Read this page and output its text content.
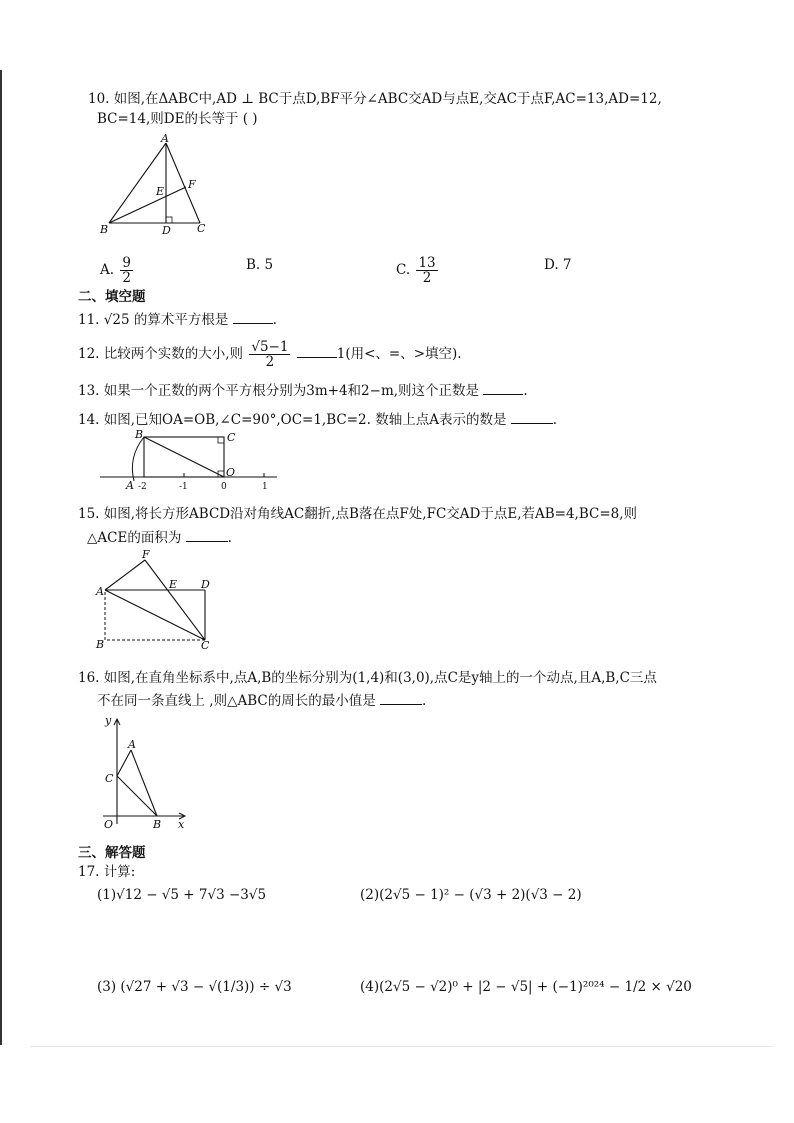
10. 如图,在ΔABC中,AD ⊥ BC于点D,BF平分∠ABC交AD与点E,交AC于点F,AC=13,AD=12,
BC=14,则DE的长等于 ( )
A
B	C
D
E
F
A. $\frac{9}{2}$	B. 5	C. $\frac{13}{2}$	D. 7
二、填空题
11. √25 的算术平方根是	.
12. 比较两个实数的大小,则 $\frac{√5-1}{2}$	1(用<、=、>填空).
13. 如果一个正数的两个平方根分别为3m+4和2−m,则这个正数是	.
14. 如图,已知OA=OB,∠C=90°,OC=1,BC=2. 数轴上点A表示的数是	.
B	C
O
A -2	-1	0	1
15. 如图,将长方形ABCD沿对角线AC翻折,点B落在点F处,FC交AD于点E,若AB=4,BC=8,则
△ACE的面积为	.
F
E D
A
B	C
16. 如图,在直角坐标系中,点A,B的坐标分别为(1,4)和(3,0),点C是y轴上的一个动点,且A,B,C三点
不在同一条直线上 ,则△ABC的周长的最小值是	.
y
A
C
O	B x
三、解答题
17. 计算:
(1)√12 − √5 + 7√3 −3√5	(2)(2√5 − 1)² − (√3 + 2)(√3 − 2)
(3) (√27 + √3 − √(1/3)) ÷ √3	(4)(2√5 − √2)⁰ + |2 − √5| + (−1)²⁰²⁴ − 1/2 × √20
